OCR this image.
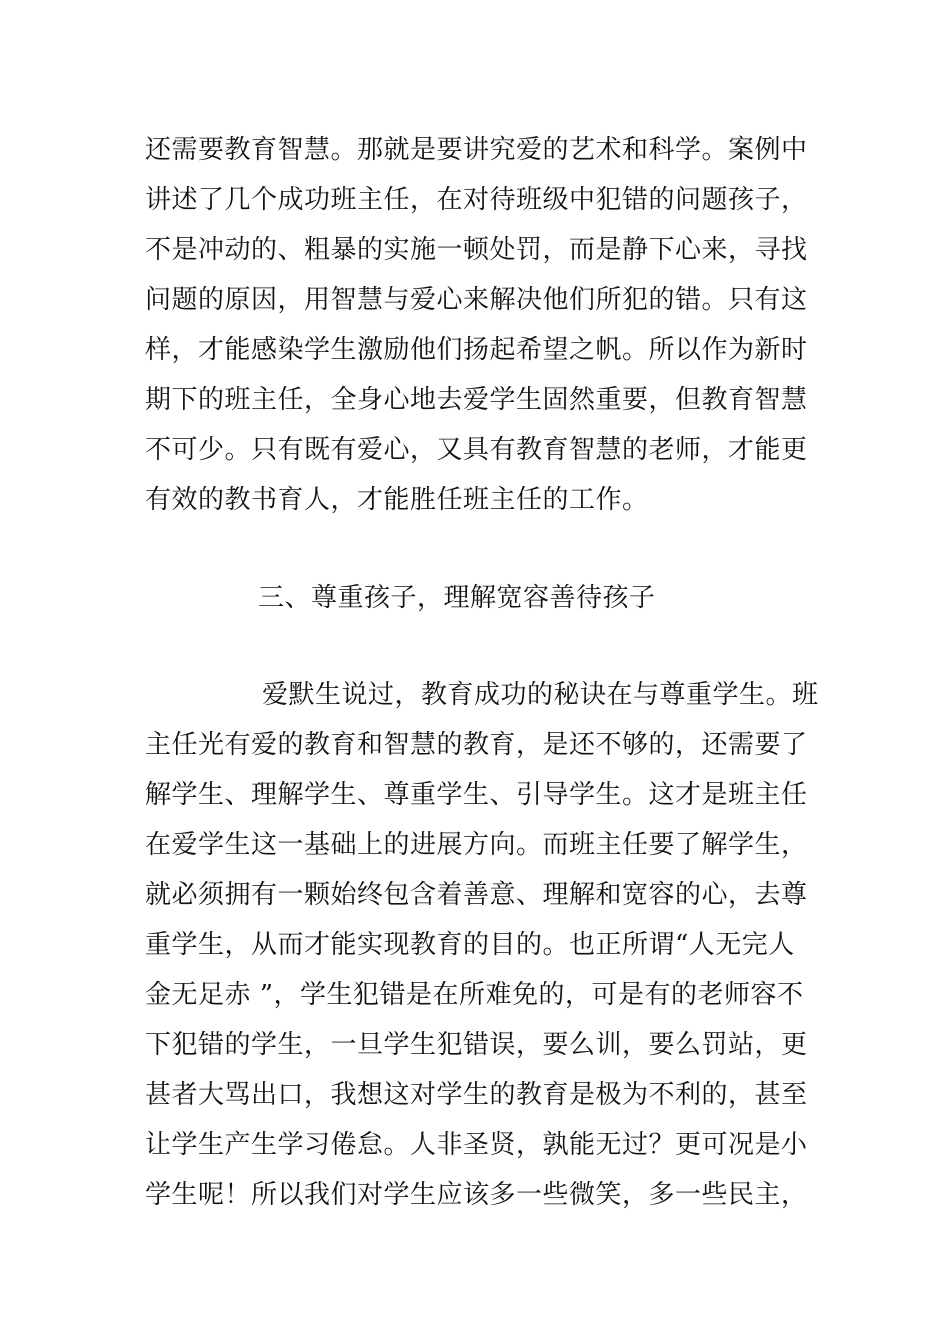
还需要教育智慧。那就是要讲究爱的艺术和科学。案例中
讲述了几个成功班主任，在对待班级中犯错的问题孩子，
不是冲动的、粗暴的实施一顿处罚，而是静下心来，寻找
问题的原因，用智慧与爱心来解决他们所犯的错。只有这
样，才能感染学生激励他们扬起希望之帆。所以作为新时
期下的班主任，全身心地去爱学生固然重要，但教育智慧
不可少。只有既有爱心，又具有教育智慧的老师，才能更
有效的教书育人，才能胜任班主任的工作。
三、尊重孩子，理解宽容善待孩子
爱默生说过，教育成功的秘诀在与尊重学生。班
主任光有爱的教育和智慧的教育，是还不够的，还需要了
解学生、理解学生、尊重学生、引导学生。这才是班主任
在爱学生这一基础上的进展方向。而班主任要了解学生，
就必须拥有一颗始终包含着善意、理解和宽容的心，去尊
重学生，从而才能实现教育的目的。也正所谓“人无完人
金无足赤 ”，学生犯错是在所难免的，可是有的老师容不
下犯错的学生，一旦学生犯错误，要么训，要么罚站，更
甚者大骂出口，我想这对学生的教育是极为不利的，甚至
让学生产生学习倦怠。人非圣贤，孰能无过？更可况是小
学生呢！所以我们对学生应该多一些微笑，多一些民主，
